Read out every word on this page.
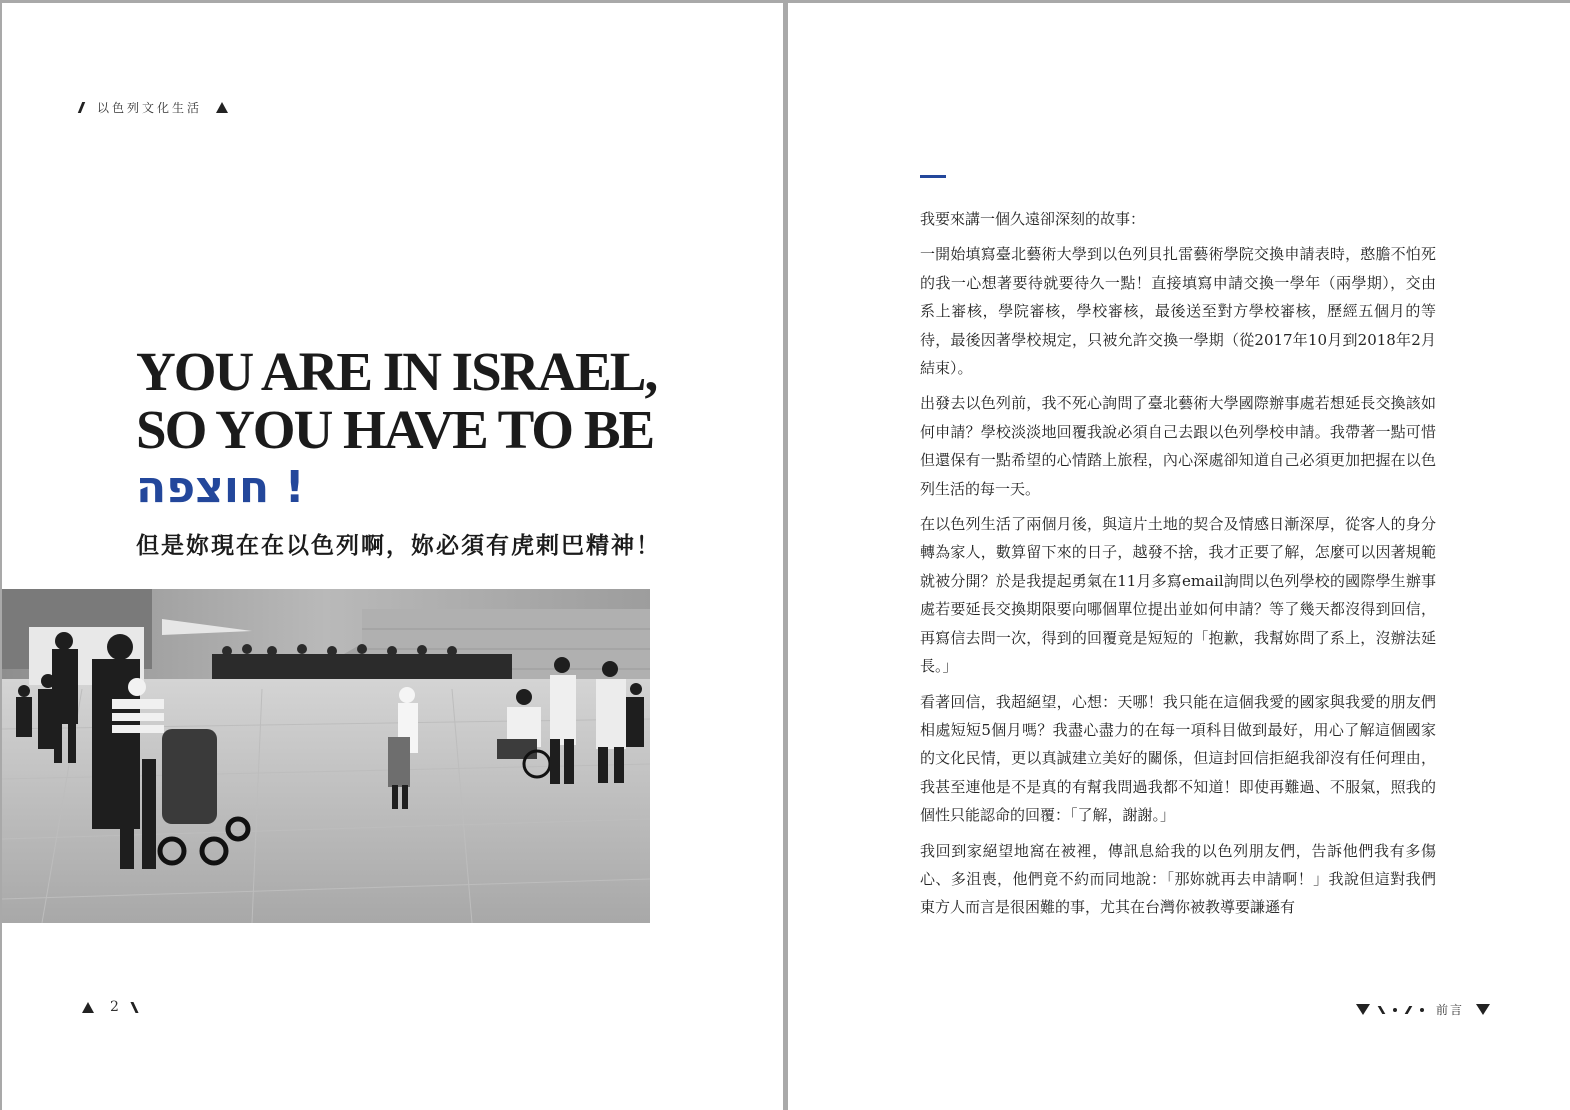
以色列文化生活
YOU ARE IN ISRAEL,
SO YOU HAVE TO BE
חוצפה !
但是妳現在在以色列啊，妳必須有虎剌巴精神！
2

我要來講一個久遠卻深刻的故事：

一開始填寫臺北藝術大學到以色列貝扎雷藝術學院交換申請表時，憨膽不怕死的我一心想著要待就要待久一點！直接填寫申請交換一學年（兩學期），交由系上審核，學院審核，學校審核，最後送至對方學校審核，歷經五個月的等待，最後因著學校規定，只被允許交換一學期（從2017年10月到2018年2月結束）。

出發去以色列前，我不死心詢問了臺北藝術大學國際辦事處若想延長交換該如何申請？學校淡淡地回覆我說必須自己去跟以色列學校申請。我帶著一點可惜但還保有一點希望的心情踏上旅程，內心深處卻知道自己必須更加把握在以色列生活的每一天。

在以色列生活了兩個月後，與這片土地的契合及情感日漸深厚，從客人的身分轉為家人，數算留下來的日子，越發不捨，我才正要了解，怎麼可以因著規範就被分開？於是我提起勇氣在11月多寫email詢問以色列學校的國際學生辦事處若要延長交換期限要向哪個單位提出並如何申請？等了幾天都沒得到回信，再寫信去問一次，得到的回覆竟是短短的「抱歉，我幫妳問了系上，沒辦法延長。」

看著回信，我超絕望，心想：天哪！我只能在這個我愛的國家與我愛的朋友們相處短短5個月嗎？我盡心盡力的在每一項科目做到最好，用心了解這個國家的文化民情，更以真誠建立美好的關係，但這封回信拒絕我卻沒有任何理由，我甚至連他是不是真的有幫我問過我都不知道！即使再難過、不服氣，照我的個性只能認命的回覆：「了解，謝謝。」

我回到家絕望地窩在被裡，傳訊息給我的以色列朋友們，告訴他們我有多傷心、多沮喪，他們竟不約而同地說：「那妳就再去申請啊！」我說但這對我們東方人而言是很困難的事，尤其在台灣你被教導要謙遜有

前言
